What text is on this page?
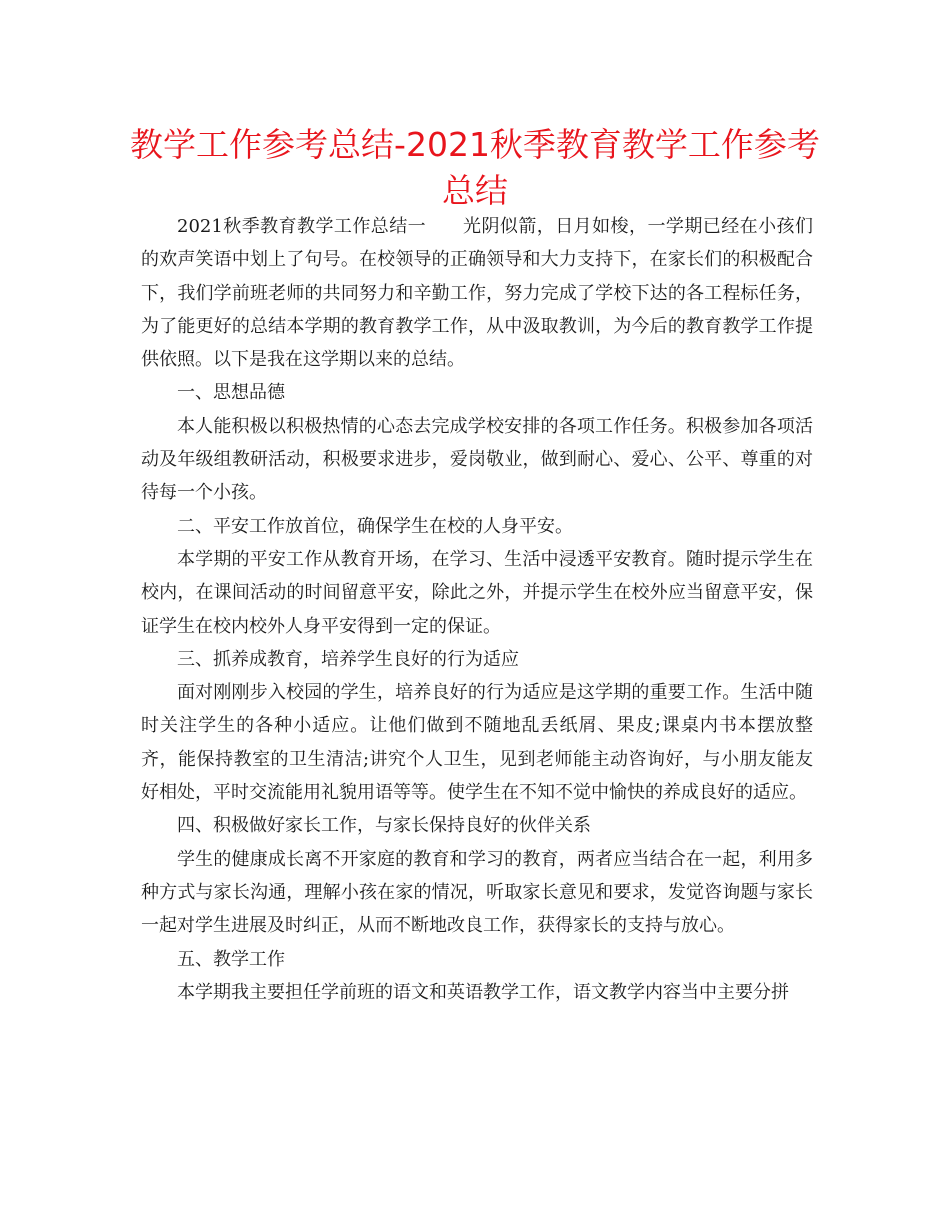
教学工作参考总结-2021秋季教育教学工作参考总结

2021秋季教育教学工作总结一　　光阴似箭，日月如梭，一学期已经在小孩们的欢声笑语中划上了句号。在校领导的正确领导和大力支持下，在家长们的积极配合下，我们学前班老师的共同努力和辛勤工作，努力完成了学校下达的各工程标任务，为了能更好的总结本学期的教育教学工作，从中汲取教训，为今后的教育教学工作提供依照。以下是我在这学期以来的总结。

一、思想品德

本人能积极以积极热情的心态去完成学校安排的各项工作任务。积极参加各项活动及年级组教研活动，积极要求进步，爱岗敬业，做到耐心、爱心、公平、尊重的对待每一个小孩。

二、平安工作放首位，确保学生在校的人身平安。

本学期的平安工作从教育开场，在学习、生活中浸透平安教育。随时提示学生在校内，在课间活动的时间留意平安，除此之外，并提示学生在校外应当留意平安，保证学生在校内校外人身平安得到一定的保证。

三、抓养成教育，培养学生良好的行为适应

面对刚刚步入校园的学生，培养良好的行为适应是这学期的重要工作。生活中随时关注学生的各种小适应。让他们做到不随地乱丢纸屑、果皮;课桌内书本摆放整齐，能保持教室的卫生清洁;讲究个人卫生，见到老师能主动咨询好，与小朋友能友好相处，平时交流能用礼貌用语等等。使学生在不知不觉中愉快的养成良好的适应。

四、积极做好家长工作，与家长保持良好的伙伴关系

学生的健康成长离不开家庭的教育和学习的教育，两者应当结合在一起，利用多种方式与家长沟通，理解小孩在家的情况，听取家长意见和要求，发觉咨询题与家长一起对学生进展及时纠正，从而不断地改良工作，获得家长的支持与放心。

五、教学工作

本学期我主要担任学前班的语文和英语教学工作，语文教学内容当中主要分拼
